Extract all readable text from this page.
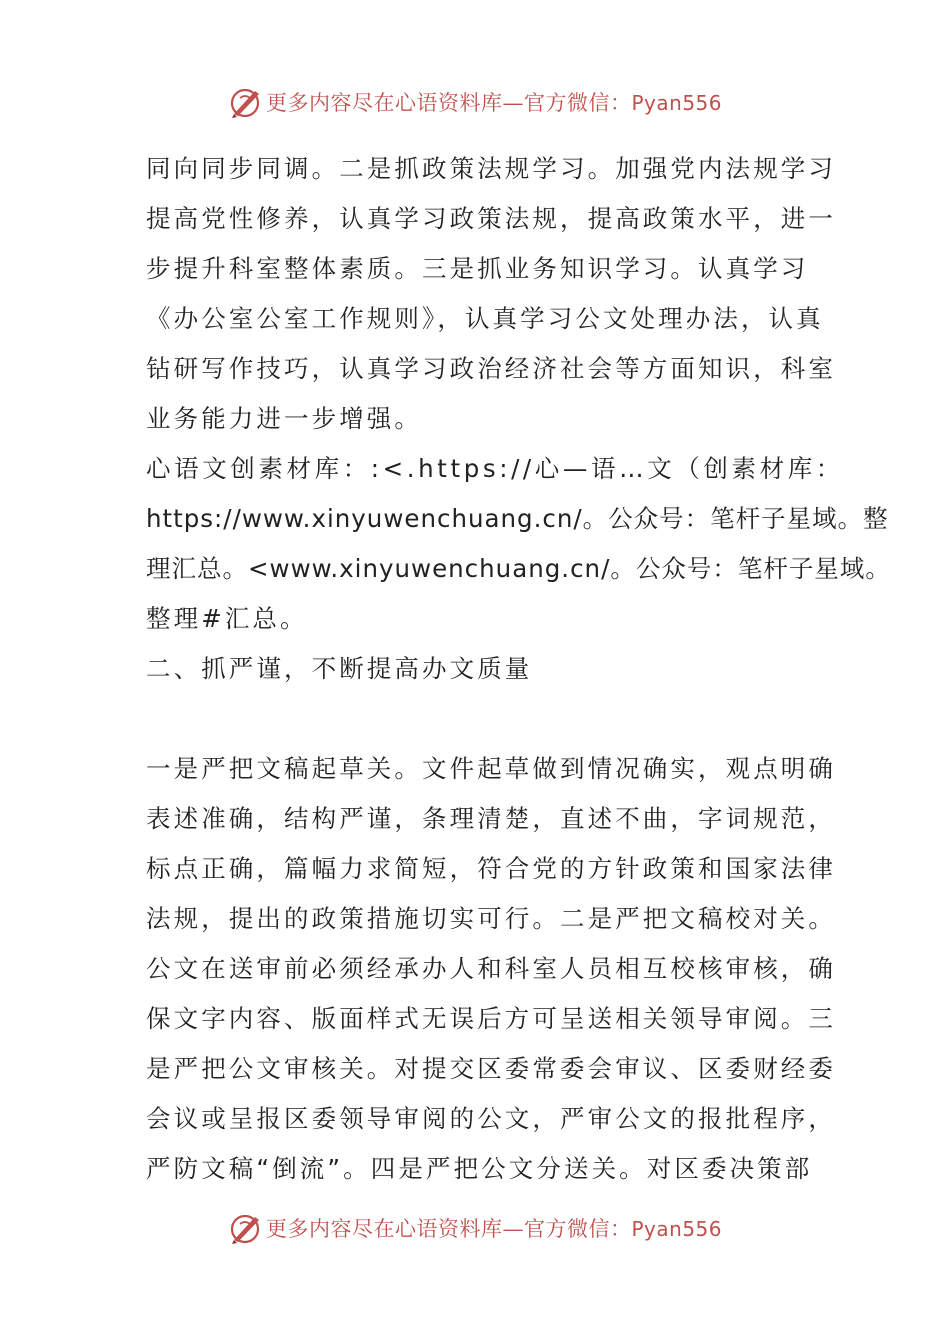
更多内容尽在心语资料库—官方微信：Pyan556
同向同步同调。二是抓政策法规学习。加强党内法规学习
提高党性修养，认真学习政策法规，提高政策水平，进一
步提升科室整体素质。三是抓业务知识学习。认真学习
《办公室公室工作规则》，认真学习公文处理办法，认真
钻研写作技巧，认真学习政治经济社会等方面知识，科室
业务能力进一步增强。
心语文创素材库：:<.https://心—语…文（创素材库：
https://www.xinyuwenchuang.cn/。公众号：笔杆子星域。整
理汇总。<www.xinyuwenchuang.cn/。公众号：笔杆子星域。
整理#汇总。
二、抓严谨，不断提高办文质量
一是严把文稿起草关。文件起草做到情况确实，观点明确
表述准确，结构严谨，条理清楚，直述不曲，字词规范，
标点正确，篇幅力求简短，符合党的方针政策和国家法律
法规，提出的政策措施切实可行。二是严把文稿校对关。
公文在送审前必须经承办人和科室人员相互校核审核，确
保文字内容、版面样式无误后方可呈送相关领导审阅。三
是严把公文审核关。对提交区委常委会审议、区委财经委
会议或呈报区委领导审阅的公文，严审公文的报批程序，
严防文稿“倒流”。四是严把公文分送关。对区委决策部
更多内容尽在心语资料库—官方微信：Pyan556
